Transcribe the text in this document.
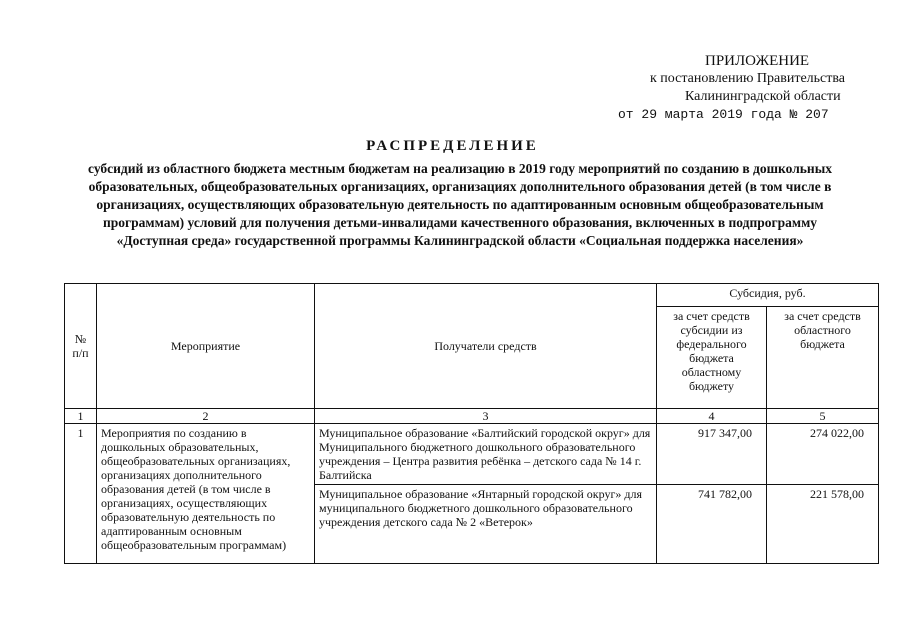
ПРИЛОЖЕНИЕ
к постановлению Правительства
Калининградской области
от 29 марта 2019 года № 207
РАСПРЕДЕЛЕНИЕ
субсидий из областного бюджета местным бюджетам на реализацию в 2019 году мероприятий по созданию в дошкольных образовательных, общеобразовательных организациях, организациях дополнительного образования детей (в том числе в организациях, осуществляющих образовательную деятельность по адаптированным основным общеобразовательным программам) условий для получения детьми-инвалидами качественного образования, включенных в подпрограмму «Доступная среда» государственной программы Калининградской области «Социальная поддержка населения»
№ п/п	Мероприятие	Получатели средств	Субсидия, руб.	
			за счет средств субсидии из федерального бюджета областному бюджету	за счет средств областного бюджета
1	2	3	4	5
1	Мероприятия по созданию в дошкольных образовательных, общеобразовательных организациях, организациях дополнительного образования детей (в том числе в организациях, осуществляющих образовательную деятельность по адаптированным основным общеобразовательным программам)	Муниципальное образование «Балтийский городской округ» для Муниципального бюджетного дошкольного образовательного учреждения – Центра развития ребёнка – детского сада № 14 г. Балтийска	917 347,00	274 022,00
		Муниципальное образование «Янтарный городской округ» для муниципального бюджетного дошкольного образовательного учреждения детского сада № 2 «Ветерок»	741 782,00	221 578,00
